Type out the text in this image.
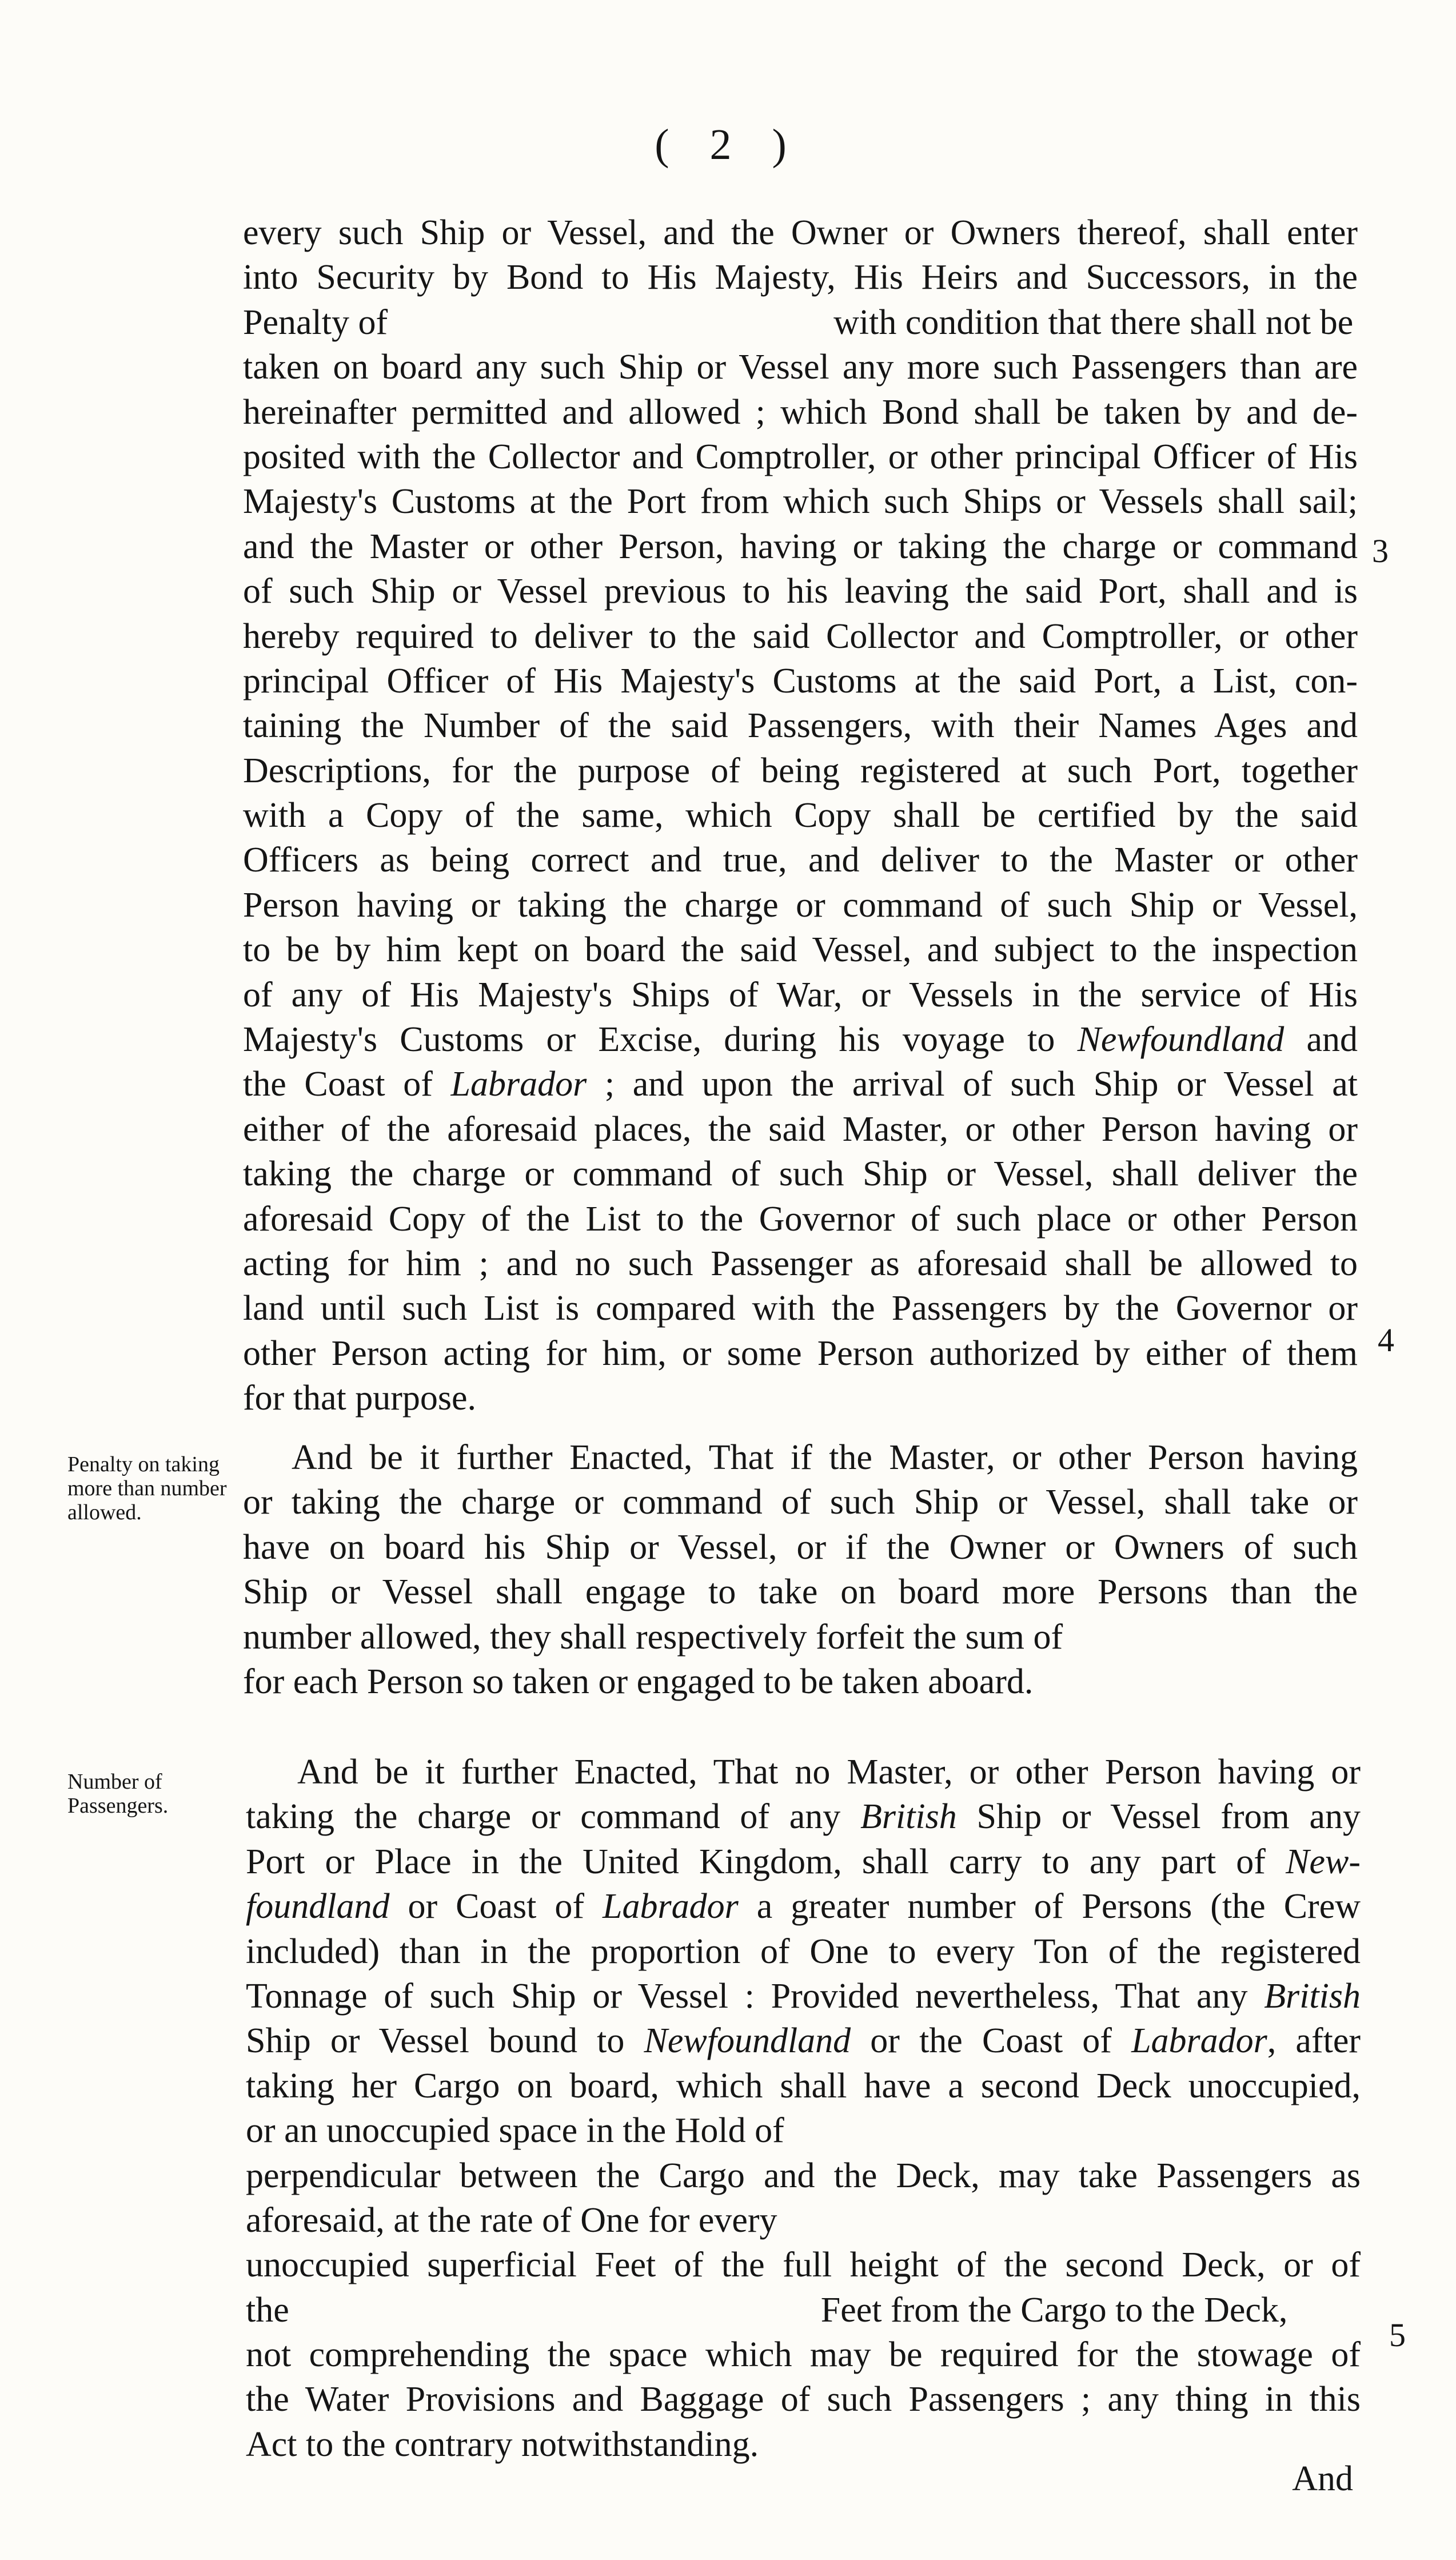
( 2 )
every such Ship or Vessel, and the Owner or Owners thereof, shall enter
into Security by Bond to His Majesty, His Heirs and Successors, in the
Penalty of	with condition that there shall not be
taken on board any such Ship or Vessel any more such Passengers than are
hereinafter permitted and allowed ; which Bond shall be taken by and de-
posited with the Collector and Comptroller, or other principal Officer of His
Majesty's Customs at the Port from which such Ships or Vessels shall sail;
and the Master or other Person, having or taking the charge or command
of such Ship or Vessel previous to his leaving the said Port, shall and is
hereby required to deliver to the said Collector and Comptroller, or other
principal Officer of His Majesty's Customs at the said Port, a List, con-
taining the Number of the said Passengers, with their Names Ages and
Descriptions, for the purpose of being registered at such Port, together
with a Copy of the same, which Copy shall be certified by the said
Officers as being correct and true, and deliver to the Master or other
Person having or taking the charge or command of such Ship or Vessel,
to be by him kept on board the said Vessel, and subject to the inspection
of any of His Majesty's Ships of War, or Vessels in the service of His
Majesty's Customs or Excise, during his voyage to Newfoundland and
the Coast of Labrador ; and upon the arrival of such Ship or Vessel at
either of the aforesaid places, the said Master, or other Person having or
taking the charge or command of such Ship or Vessel, shall deliver the
aforesaid Copy of the List to the Governor of such place or other Person
acting for him ; and no such Passenger as aforesaid shall be allowed to
land until such List is compared with the Passengers by the Governor or
other Person acting for him, or some Person authorized by either of them
for that purpose.
Penalty on taking more than number allowed.
And be it further Enacted, That if the Master, or other Person having
or taking the charge or command of such Ship or Vessel, shall take or
have on board his Ship or Vessel, or if the Owner or Owners of such
Ship or Vessel shall engage to take on board more Persons than the
number allowed, they shall respectively forfeit the sum of
for each Person so taken or engaged to be taken aboard.
Number of Passengers.
And be it further Enacted, That no Master, or other Person having or
taking the charge or command of any British Ship or Vessel from any
Port or Place in the United Kingdom, shall carry to any part of New-
foundland or Coast of Labrador a greater number of Persons (the Crew
included) than in the proportion of One to every Ton of the registered
Tonnage of such Ship or Vessel : Provided nevertheless, That any British
Ship or Vessel bound to Newfoundland or the Coast of Labrador, after
taking her Cargo on board, which shall have a second Deck unoccupied,
or an unoccupied space in the Hold of
perpendicular between the Cargo and the Deck, may take Passengers as
aforesaid, at the rate of One for every
unoccupied superficial Feet of the full height of the second Deck, or of
the	Feet from the Cargo to the Deck,
not comprehending the space which may be required for the stowage of
the Water Provisions and Baggage of such Passengers ; any thing in this
Act to the contrary notwithstanding.
3
4
5
And
